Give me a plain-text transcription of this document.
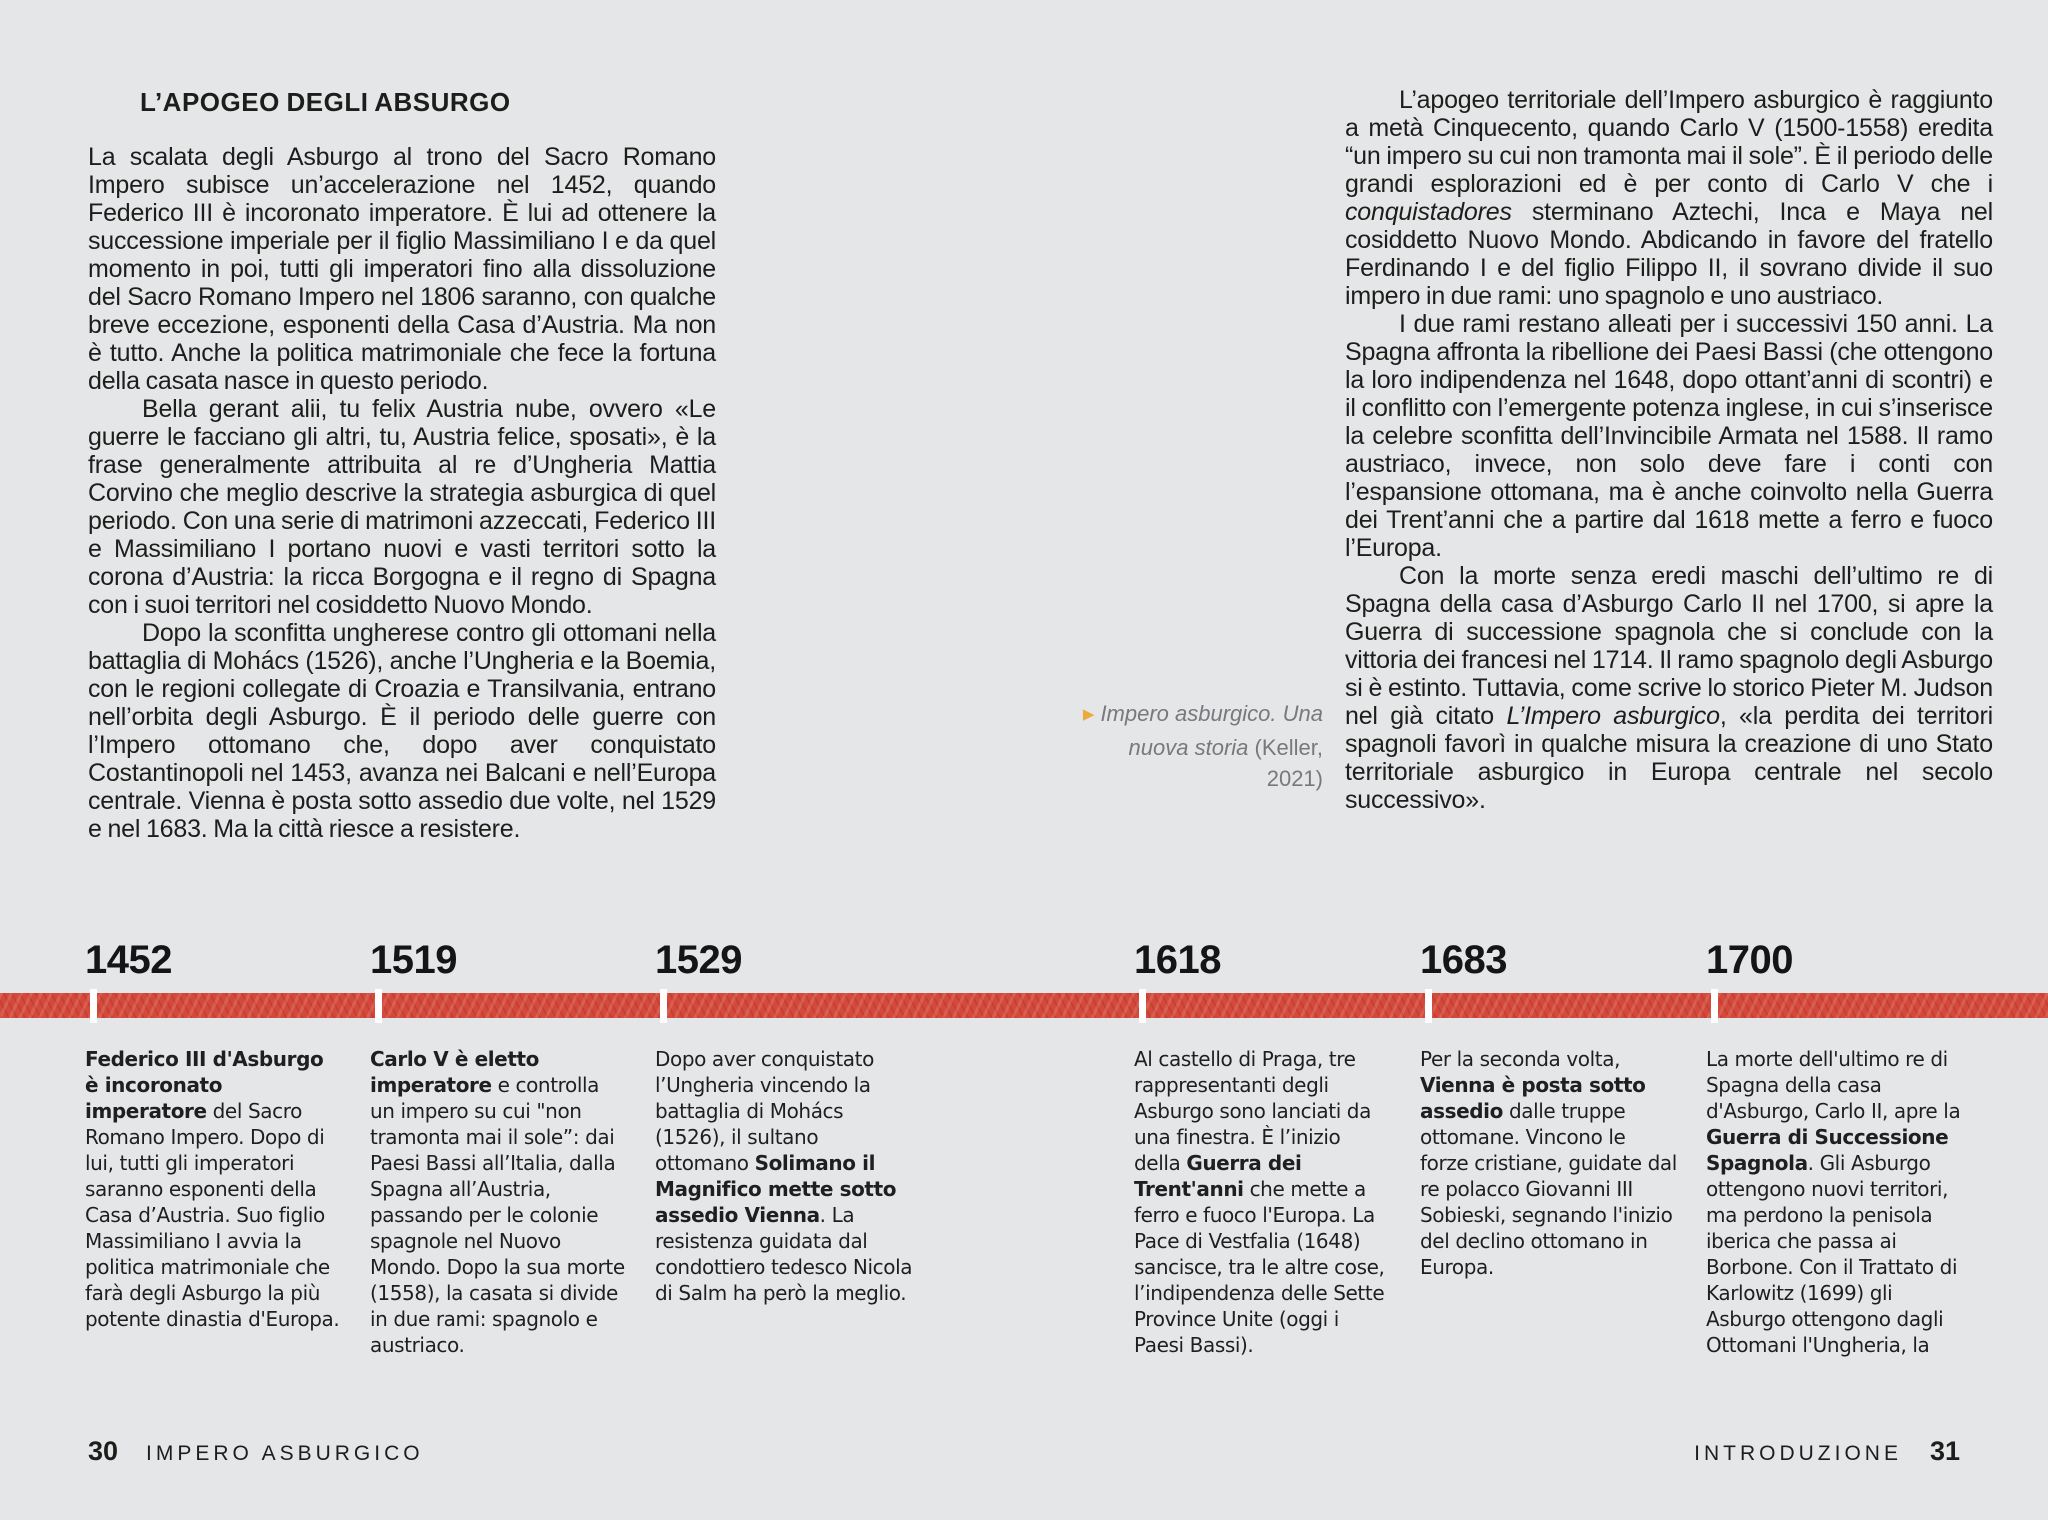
L’APOGEO DEGLI ABSURGO

La scalata degli Asburgo al trono del Sacro Romano Impero subisce un’accelerazione nel 1452, quando Federico III è incoronato imperatore. È lui ad ottenere la successione imperiale per il figlio Massimiliano I e da quel momento in poi, tutti gli imperatori fino alla dissoluzione del Sacro Romano Impero nel 1806 saranno, con qualche breve eccezione, esponenti della Casa d’Austria. Ma non è tutto. Anche la politica matrimoniale che fece la fortuna della casata nasce in questo periodo.

Bella gerant alii, tu felix Austria nube, ovvero «Le guerre le facciano gli altri, tu, Austria felice, sposati», è la frase generalmente attribuita al re d’Ungheria Mattia Corvino che meglio descrive la strategia asburgica di quel periodo. Con una serie di matrimoni azzeccati, Federico III e Massimiliano I portano nuovi e vasti territori sotto la corona d’Austria: la ricca Borgogna e il regno di Spagna con i suoi territori nel cosiddetto Nuovo Mondo.

Dopo la sconfitta ungherese contro gli ottomani nella battaglia di Mohács (1526), anche l’Ungheria e la Boemia, con le regioni collegate di Croazia e Transilvania, entrano nell’orbita degli Asburgo. È il periodo delle guerre con l’Impero ottomano che, dopo aver conquistato Costantinopoli nel 1453, avanza nei Balcani e nell’Europa centrale. Vienna è posta sotto assedio due volte, nel 1529 e nel 1683. Ma la città riesce a resistere.

L’apogeo territoriale dell’Impero asburgico è raggiunto a metà Cinquecento, quando Carlo V (1500-1558) eredita “un impero su cui non tramonta mai il sole”. È il periodo delle grandi esplorazioni ed è per conto di Carlo V che i conquistadores sterminano Aztechi, Inca e Maya nel cosiddetto Nuovo Mondo. Abdicando in favore del fratello Ferdinando I e del figlio Filippo II, il sovrano divide il suo impero in due rami: uno spagnolo e uno austriaco.

I due rami restano alleati per i successivi 150 anni. La Spagna affronta la ribellione dei Paesi Bassi (che ottengono la loro indipendenza nel 1648, dopo ottant’anni di scontri) e il conflitto con l’emergente potenza inglese, in cui s’inserisce la celebre sconfitta dell’Invincibile Armata nel 1588. Il ramo austriaco, invece, non solo deve fare i conti con l’espansione ottomana, ma è anche coinvolto nella Guerra dei Trent’anni che a partire dal 1618 mette a ferro e fuoco l’Europa.

Con la morte senza eredi maschi dell’ultimo re di Spagna della casa d’Asburgo Carlo II nel 1700, si apre la Guerra di successione spagnola che si conclude con la vittoria dei francesi nel 1714. Il ramo spagnolo degli Asburgo si è estinto. Tuttavia, come scrive lo storico Pieter M. Judson nel già citato L’Impero asburgico, «la perdita dei territori spagnoli favorì in qualche misura la creazione di uno Stato territoriale asburgico in Europa centrale nel secolo successivo».

▶ Impero asburgico. Una nuova storia (Keller, 2021)
1452
Federico III d'Asburgo è incoronato imperatore del Sacro Romano Impero. Dopo di lui, tutti gli imperatori saranno esponenti della Casa d’Austria. Suo figlio Massimiliano I avvia la politica matrimoniale che farà degli Asburgo la più potente dinastia d'Europa.
1519
Carlo V è eletto imperatore e controlla un impero su cui "non tramonta mai il sole”: dai Paesi Bassi all’Italia, dalla Spagna all’Austria, passando per le colonie spagnole nel Nuovo Mondo. Dopo la sua morte (1558), la casata si divide in due rami: spagnolo e austriaco.
1529
Dopo aver conquistato l’Ungheria vincendo la battaglia di Mohács (1526), il sultano ottomano Solimano il Magnifico mette sotto assedio Vienna. La resistenza guidata dal condottiero tedesco Nicola di Salm ha però la meglio.
1618
Al castello di Praga, tre rappresentanti degli Asburgo sono lanciati da una finestra. È l’inizio della Guerra dei Trent'anni che mette a ferro e fuoco l'Europa. La Pace di Vestfalia (1648) sancisce, tra le altre cose, l’indipendenza delle Sette Province Unite (oggi i Paesi Bassi).
1683
Per la seconda volta, Vienna è posta sotto assedio dalle truppe ottomane. Vincono le forze cristiane, guidate dal re polacco Giovanni III Sobieski, segnando l'inizio del declino ottomano in Europa.
1700
La morte dell'ultimo re di Spagna della casa d'Asburgo, Carlo II, apre la Guerra di Successione Spagnola. Gli Asburgo ottengono nuovi territori, ma perdono la penisola iberica che passa ai Borbone. Con il Trattato di Karlowitz (1699) gli Asburgo ottengono dagli Ottomani l'Ungheria, la
30 IMPERO ASBURGICO	INTRODUZIONE 31
